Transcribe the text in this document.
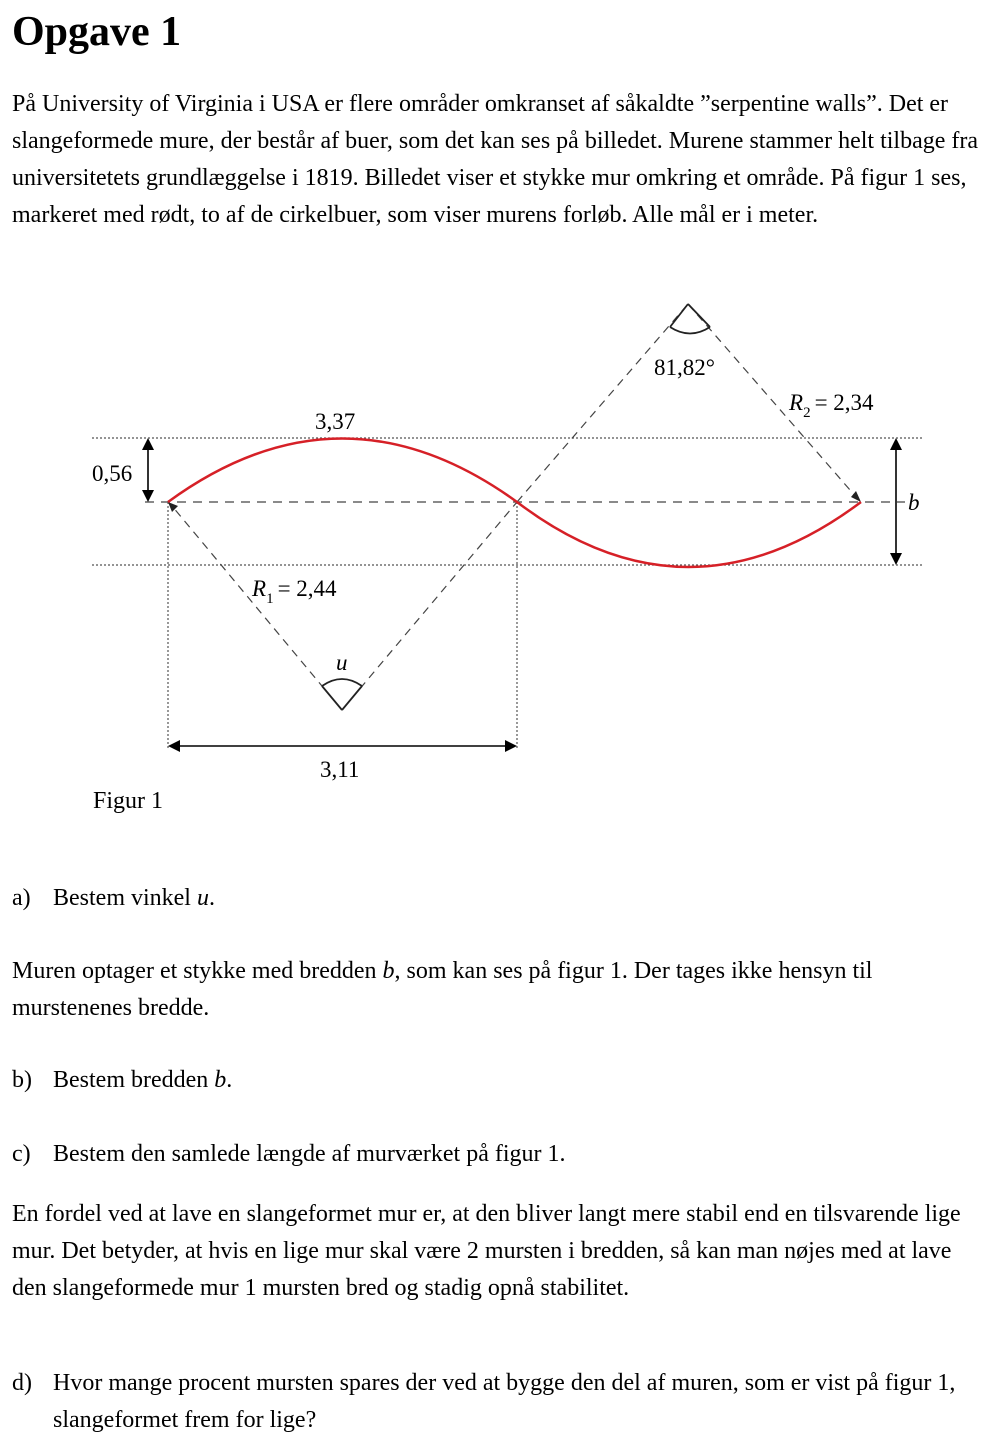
Opgave 1

På University of Virginia i USA er flere områder omkranset af såkaldte ”serpentine walls”. Det er slangeformede mure, der består af buer, som det kan ses på billedet. Murene stammer helt tilbage fra universitetets grundlæggelse i 1819. Billedet viser et stykke mur omkring et område. På figur 1 ses, markeret med rødt, to af de cirkelbuer, som viser murens forløb. Alle mål er i meter.

0,56
3,37
$R_1 = 2,44$
u
3,11
81,82°
$R_2 = 2,34$
b

Figur 1

a) Bestem vinkel u.

Muren optager et stykke med bredden b, som kan ses på figur 1. Der tages ikke hensyn til murstenenes bredde.

b) Bestem bredden b.
c) Bestem den samlede længde af murværket på figur 1.

En fordel ved at lave en slangeformet mur er, at den bliver langt mere stabil end en tilsvarende lige mur. Det betyder, at hvis en lige mur skal være 2 mursten i bredden, så kan man nøjes med at lave den slangeformede mur 1 mursten bred og stadig opnå stabilitet.

d) Hvor mange procent mursten spares der ved at bygge den del af muren, som er vist på figur 1, slangeformet frem for lige?
